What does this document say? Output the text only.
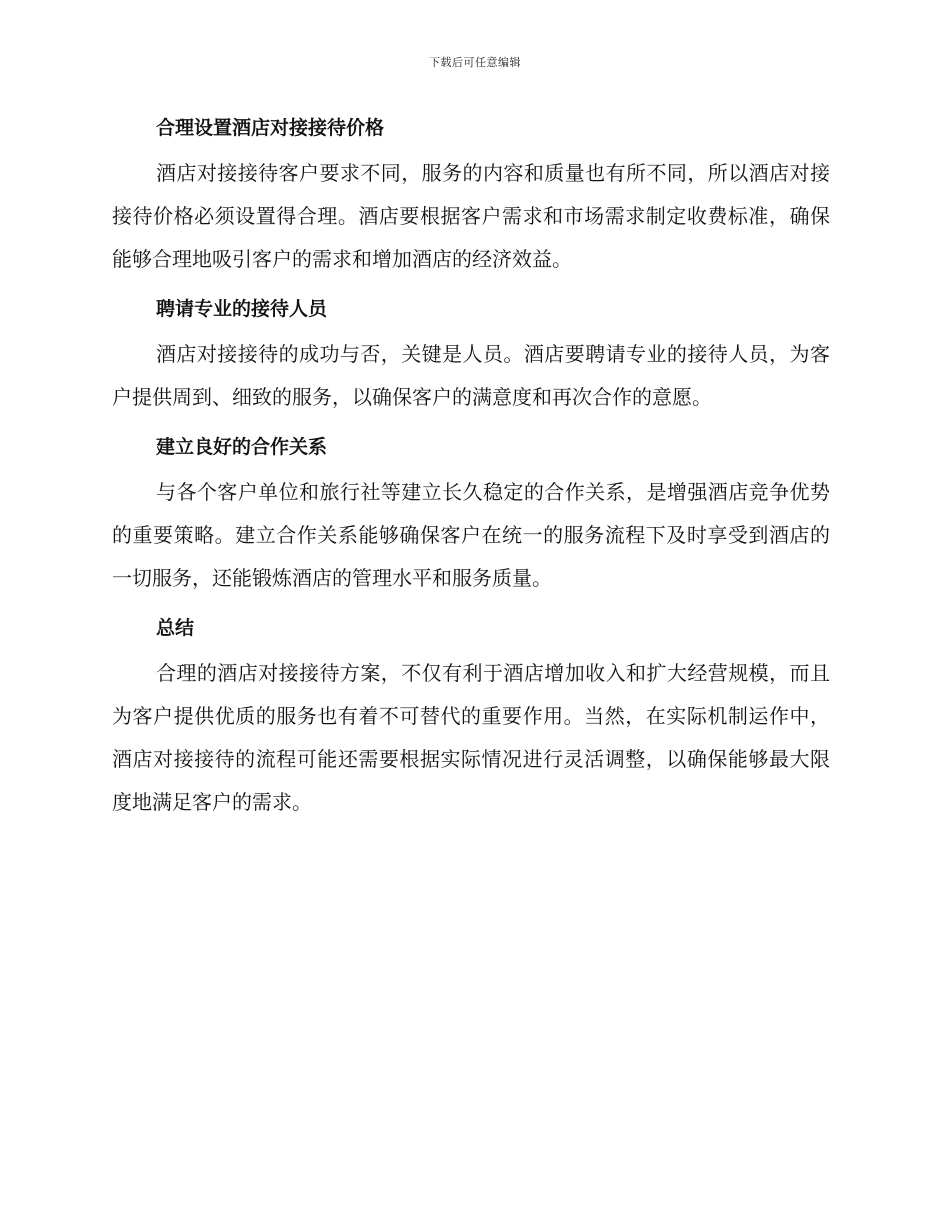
下载后可任意编辑
合理设置酒店对接接待价格

酒店对接接待客户要求不同，服务的内容和质量也有所不同，所以酒店对接接待价格必须设置得合理。酒店要根据客户需求和市场需求制定收费标准，确保能够合理地吸引客户的需求和增加酒店的经济效益。

聘请专业的接待人员

酒店对接接待的成功与否，关键是人员。酒店要聘请专业的接待人员，为客户提供周到、细致的服务，以确保客户的满意度和再次合作的意愿。

建立良好的合作关系

与各个客户单位和旅行社等建立长久稳定的合作关系，是增强酒店竞争优势的重要策略。建立合作关系能够确保客户在统一的服务流程下及时享受到酒店的一切服务，还能锻炼酒店的管理水平和服务质量。

总结

合理的酒店对接接待方案，不仅有利于酒店增加收入和扩大经营规模，而且为客户提供优质的服务也有着不可替代的重要作用。当然，在实际机制运作中，酒店对接接待的流程可能还需要根据实际情况进行灵活调整，以确保能够最大限度地满足客户的需求。
